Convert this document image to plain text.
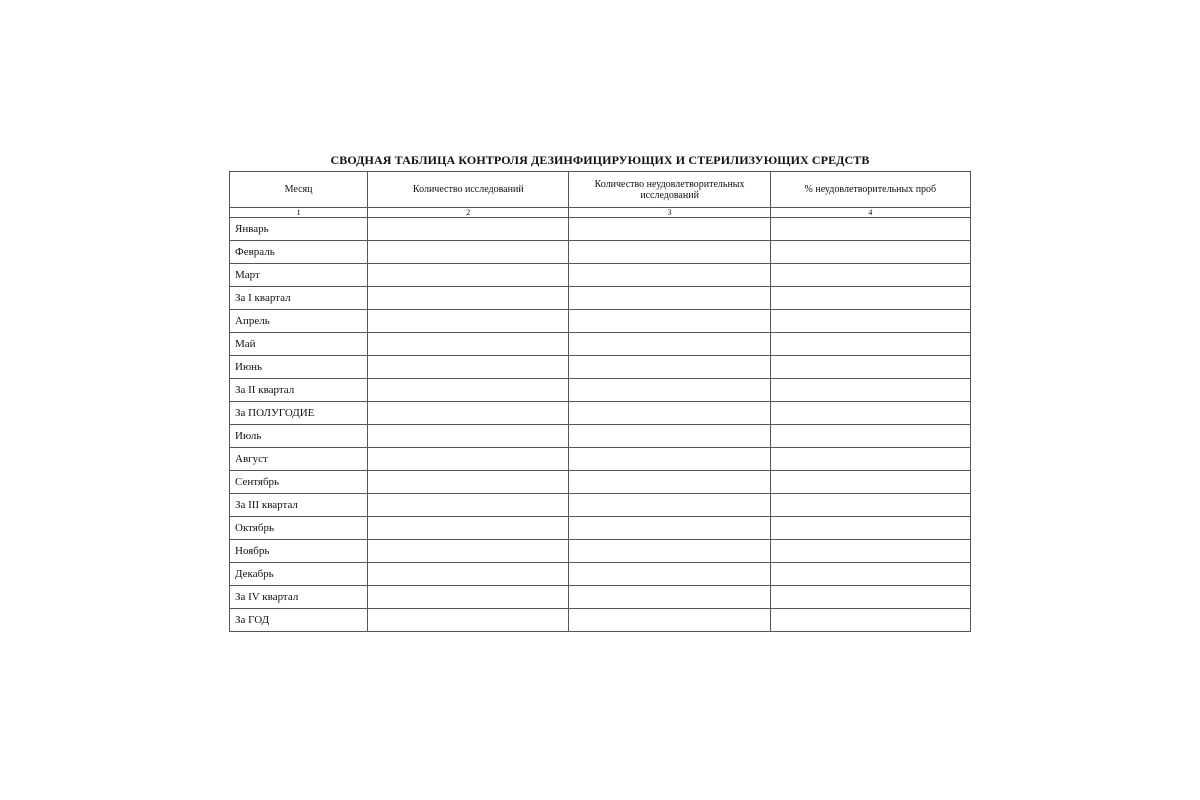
СВОДНАЯ ТАБЛИЦА КОНТРОЛЯ ДЕЗИНФИЦИРУЮЩИХ И СТЕРИЛИЗУЮЩИХ СРЕДСТВ
Месяц	Количество исследований	Количество неудовлетворительных исследований	% неудовлетворительных проб
1	2	3	4
Январь			
Февраль			
Март			
За I квартал			
Апрель			
Май			
Июнь			
За II квартал			
За ПОЛУГОДИЕ			
Июль			
Август			
Сентябрь			
За III квартал			
Октябрь			
Ноябрь			
Декабрь			
За IV квартал			
За ГОД			
